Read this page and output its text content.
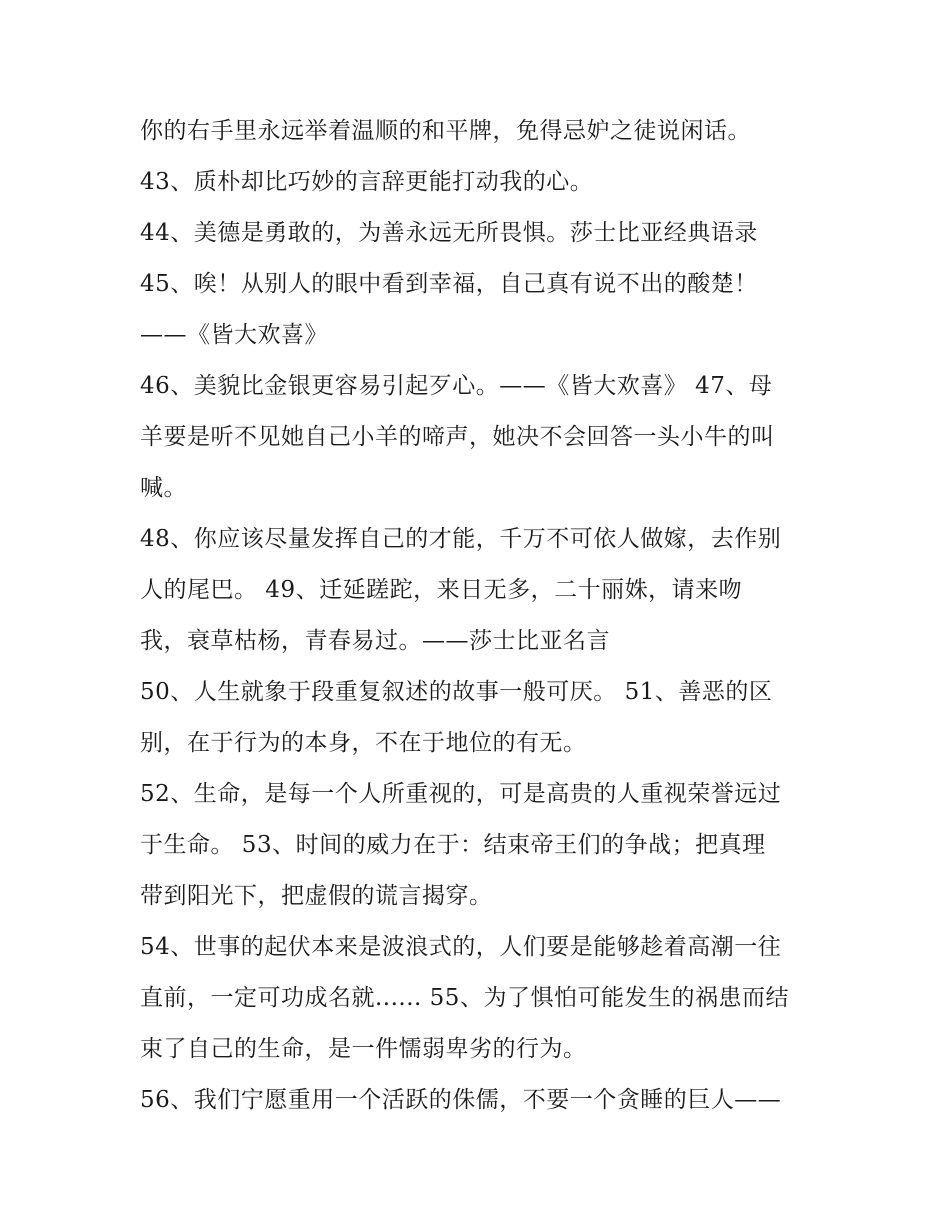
你的右手里永远举着温顺的和平牌，免得忌妒之徒说闲话。
43、质朴却比巧妙的言辞更能打动我的心。
44、美德是勇敢的，为善永远无所畏惧。莎士比亚经典语录
45、唉！从别人的眼中看到幸福，自己真有说不出的酸楚！
——《皆大欢喜》
46、美貌比金银更容易引起歹心。——《皆大欢喜》 47、母
羊要是听不见她自己小羊的啼声，她决不会回答一头小牛的叫
喊。
48、你应该尽量发挥自己的才能，千万不可依人做嫁，去作别
人的尾巴。 49、迁延蹉跎，来日无多，二十丽姝，请来吻
我，衰草枯杨，青春易过。——莎士比亚名言
50、人生就象于段重复叙述的故事一般可厌。 51、善恶的区
别，在于行为的本身，不在于地位的有无。
52、生命，是每一个人所重视的，可是高贵的人重视荣誉远过
于生命。 53、时间的威力在于：结束帝王们的争战；把真理
带到阳光下，把虚假的谎言揭穿。
54、世事的起伏本来是波浪式的，人们要是能够趁着高潮一往
直前，一定可功成名就...... 55、为了惧怕可能发生的祸患而结
束了自己的生命，是一件懦弱卑劣的行为。
56、我们宁愿重用一个活跃的侏儒，不要一个贪睡的巨人——
